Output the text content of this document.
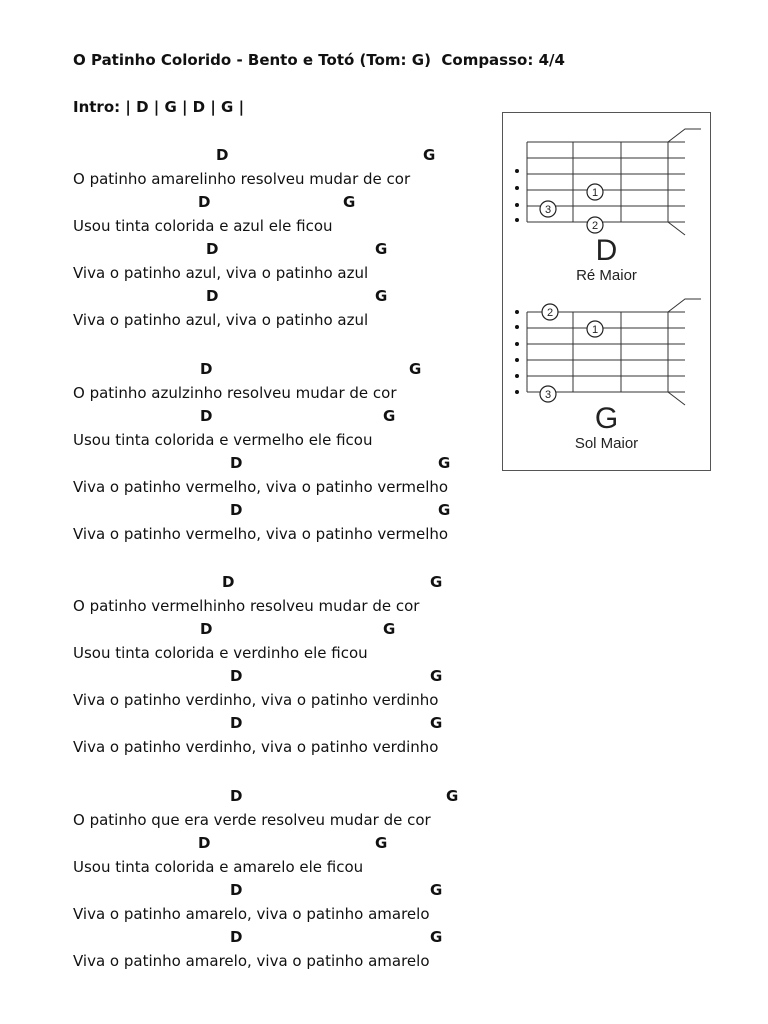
O Patinho Colorido - Bento e Totó (Tom: G)  Compasso: 4/4
Intro: | D | G | D | G |
D	G
O patinho amarelinho resolveu mudar de cor
D	G
Usou tinta colorida e azul ele ficou
D	G
Viva o patinho azul, viva o patinho azul
D	G
Viva o patinho azul, viva o patinho azul
D	G
O patinho azulzinho resolveu mudar de cor
D	G
Usou tinta colorida e vermelho ele ficou
D	G
Viva o patinho vermelho, viva o patinho vermelho
D	G
Viva o patinho vermelho, viva o patinho vermelho
D	G
O patinho vermelhinho resolveu mudar de cor
D	G
Usou tinta colorida e verdinho ele ficou
D	G
Viva o patinho verdinho, viva o patinho verdinho
D	G
Viva o patinho verdinho, viva o patinho verdinho
D	G
O patinho que era verde resolveu mudar de cor
D	G
Usou tinta colorida e amarelo ele ficou
D	G
Viva o patinho amarelo, viva o patinho amarelo
D	G
Viva o patinho amarelo, viva o patinho amarelo
1
3
2
2
1
3
D
Ré Maior
G
Sol Maior
